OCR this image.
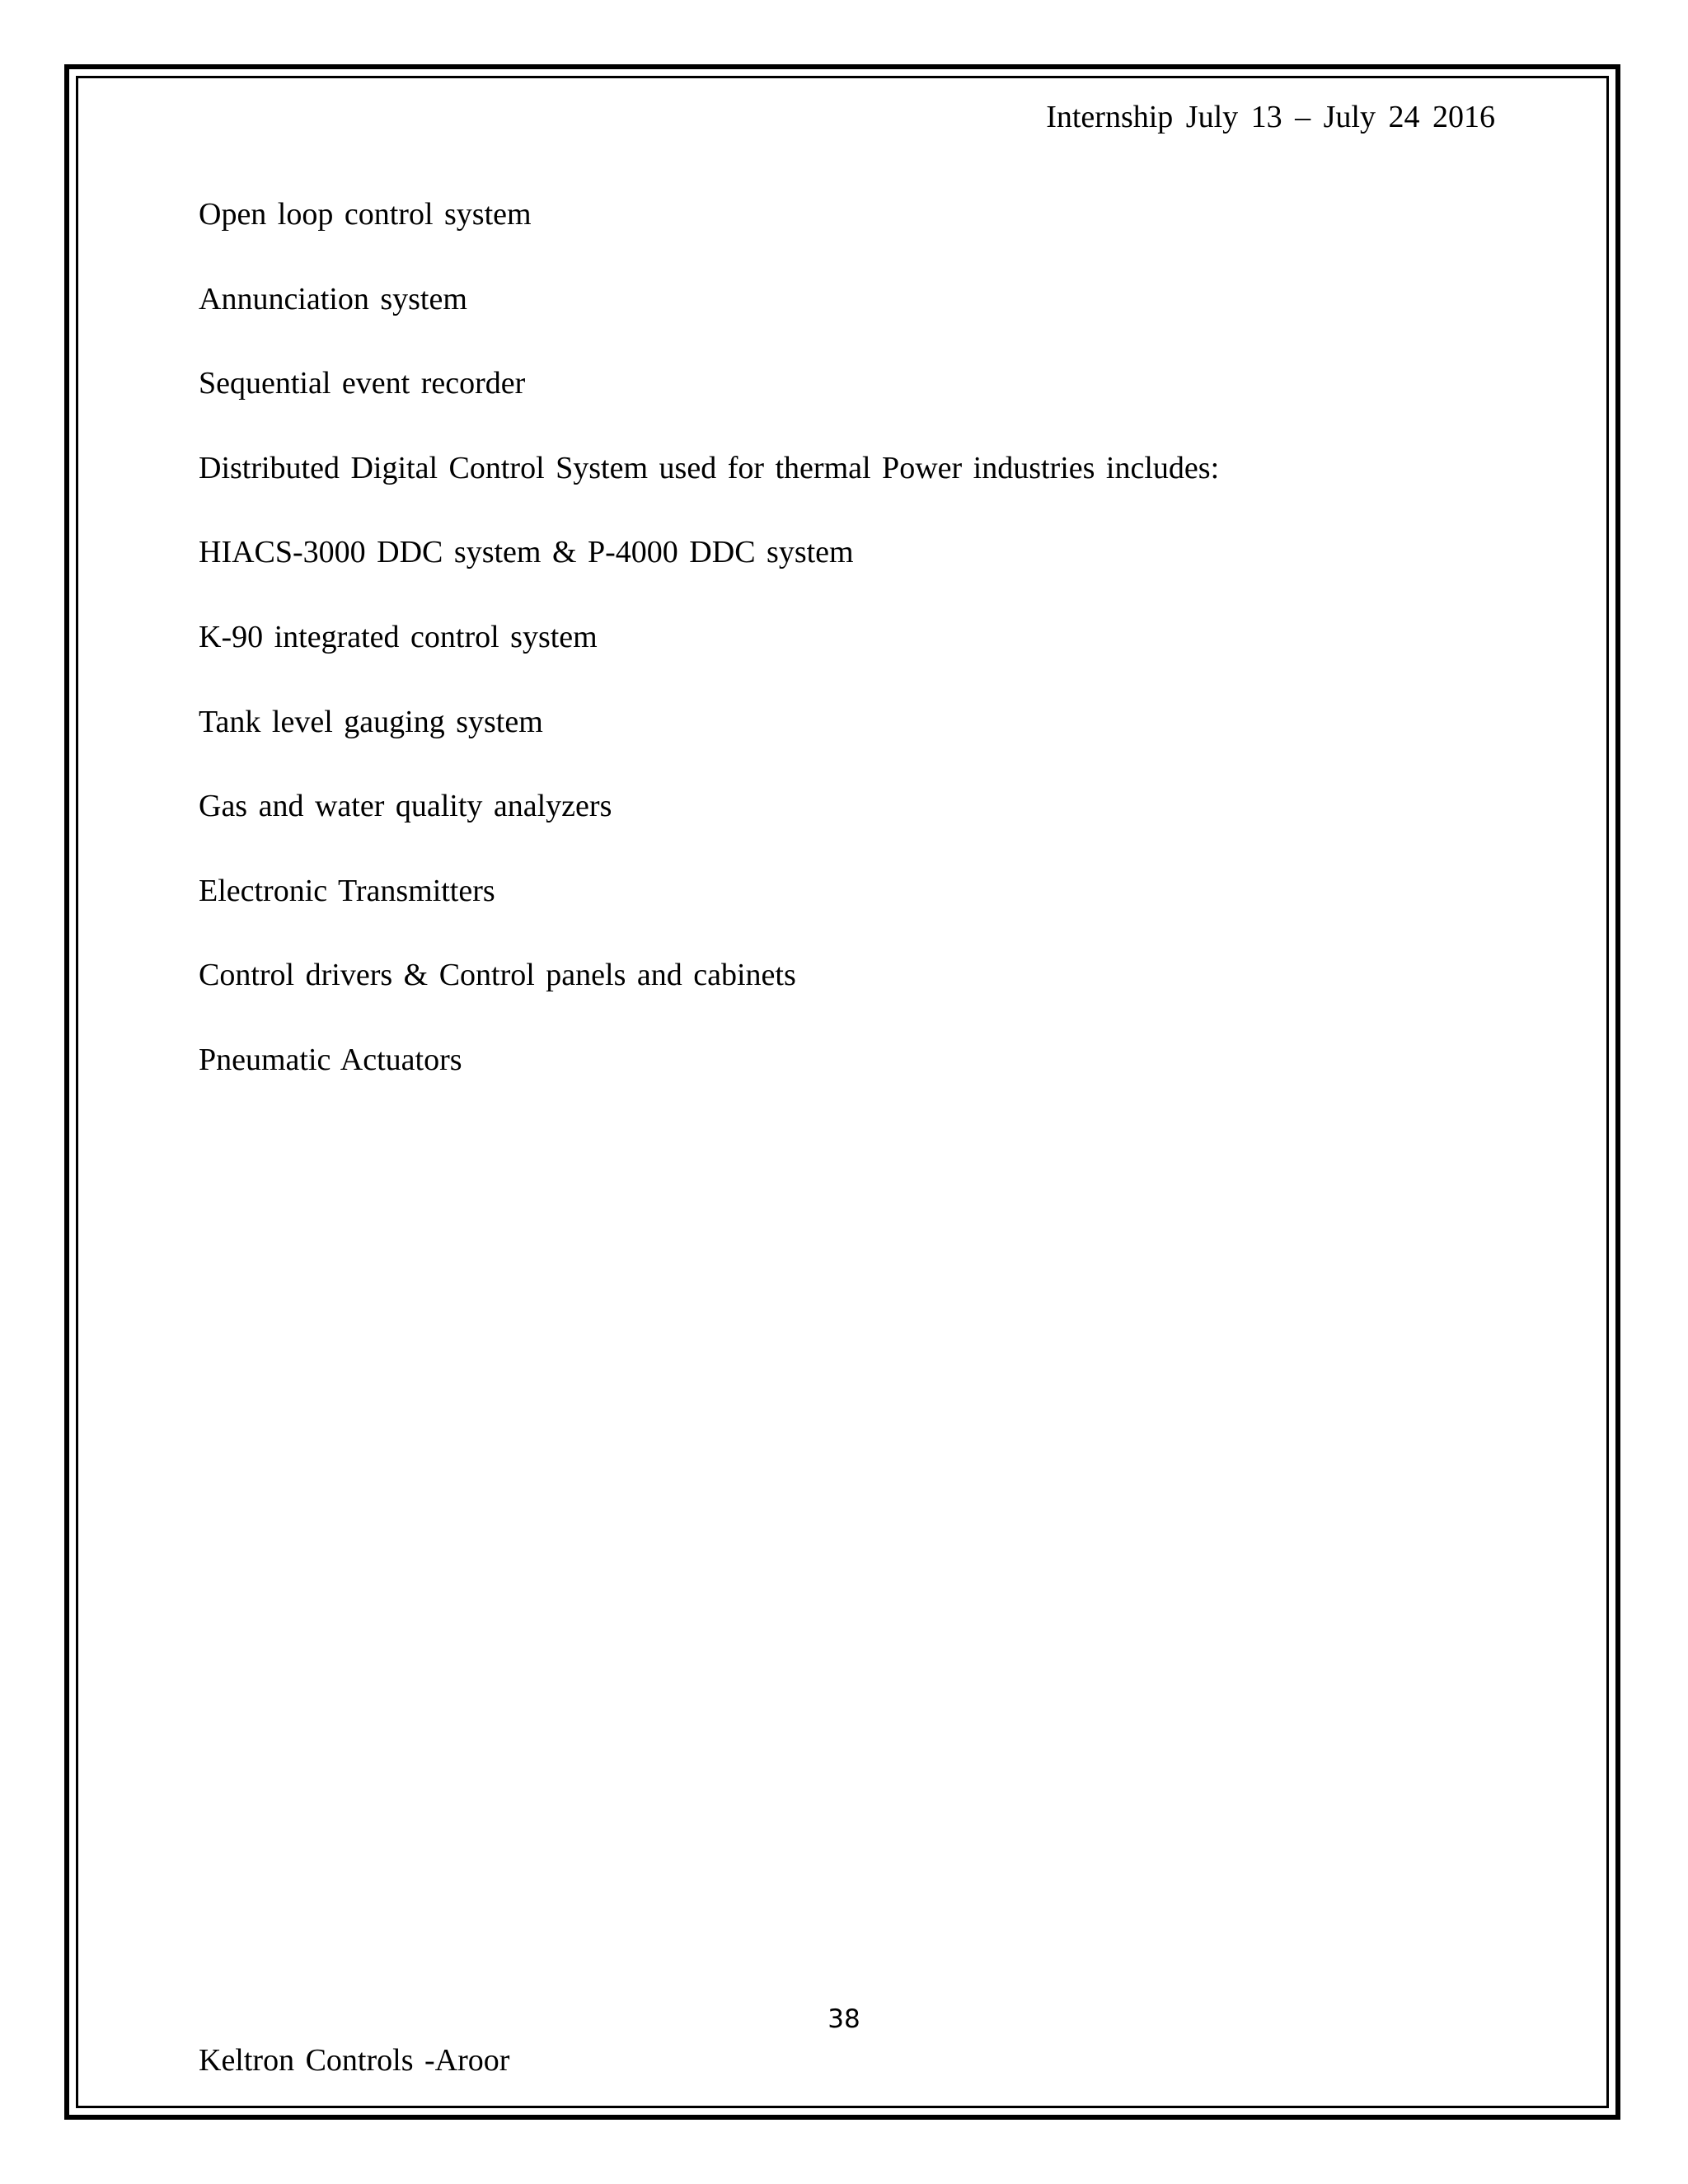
Internship July 13 – July 24 2016
Open loop control system
Annunciation system
Sequential event recorder
Distributed Digital Control System used for thermal Power industries includes:
HIACS-3000 DDC system & P-4000 DDC system
K-90 integrated control system
Tank level gauging system
Gas and water quality analyzers
Electronic Transmitters
Control drivers & Control panels and cabinets
Pneumatic Actuators
38
Keltron Controls -Aroor
